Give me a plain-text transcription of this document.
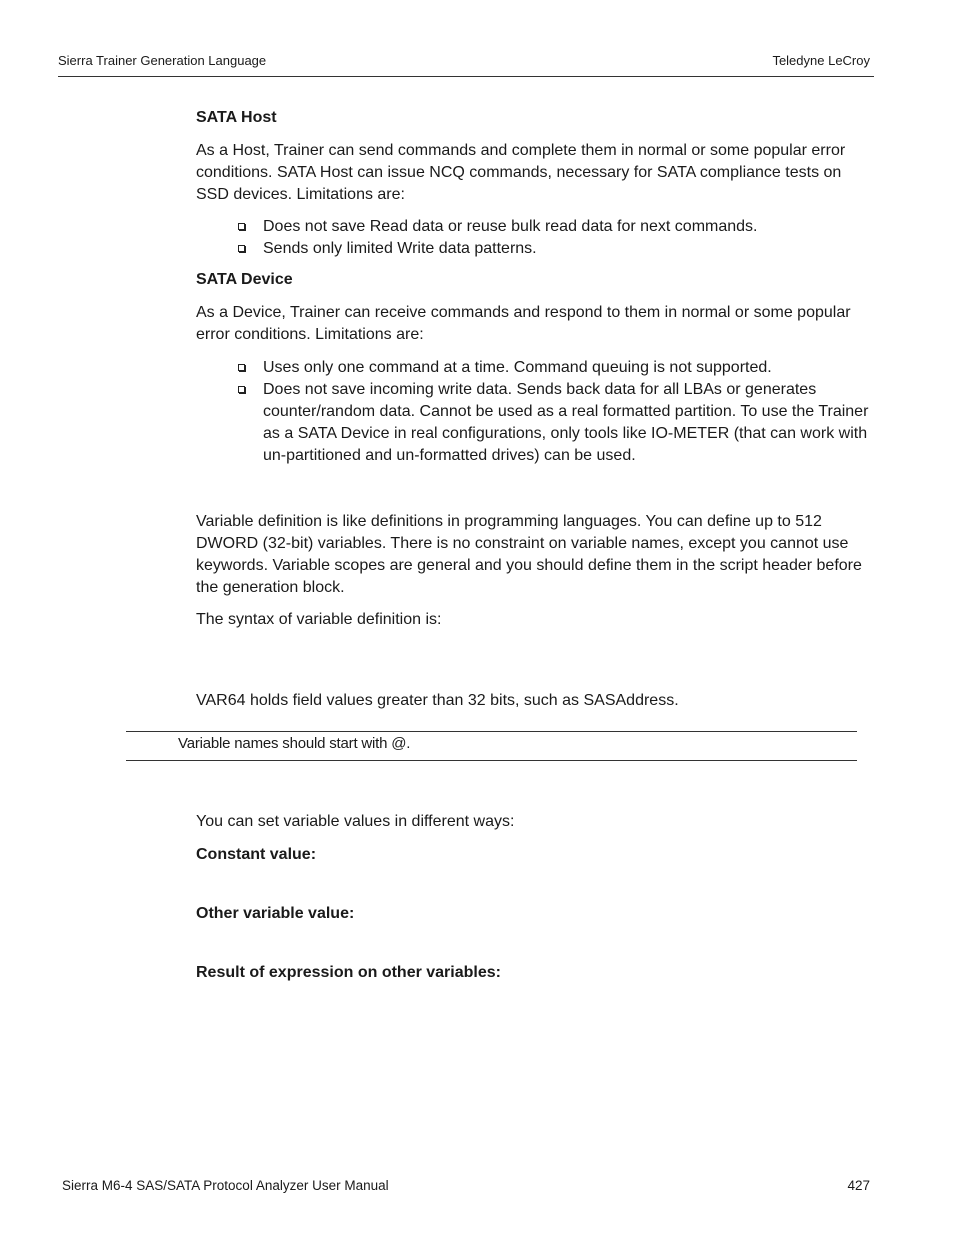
Sierra Trainer Generation Language	Teledyne LeCroy
SATA Host
As a Host, Trainer can send commands and complete them in normal or some popular error conditions. SATA Host can issue NCQ commands, necessary for SATA compliance tests on SSD devices. Limitations are:
Does not save Read data or reuse bulk read data for next commands.
Sends only limited Write data patterns.
SATA Device
As a Device, Trainer can receive commands and respond to them in normal or some popular error conditions. Limitations are:
Uses only one command at a time. Command queuing is not supported.
Does not save incoming write data. Sends back data for all LBAs or generates counter/random data. Cannot be used as a real formatted partition. To use the Trainer as a SATA Device in real configurations, only tools like IO-METER (that can work with un-partitioned and un-formatted drives) can be used.
Variable definition is like definitions in programming languages. You can define up to 512 DWORD (32-bit) variables. There is no constraint on variable names, except you cannot use keywords. Variable scopes are general and you should define them in the script header before the generation block.
The syntax of variable definition is:
VAR64 holds field values greater than 32 bits, such as SASAddress.
Variable names should start with @.
You can set variable values in different ways:
Constant value:
Other variable value:
Result of expression on other variables:
Sierra M6-4 SAS/SATA Protocol Analyzer User Manual	427
